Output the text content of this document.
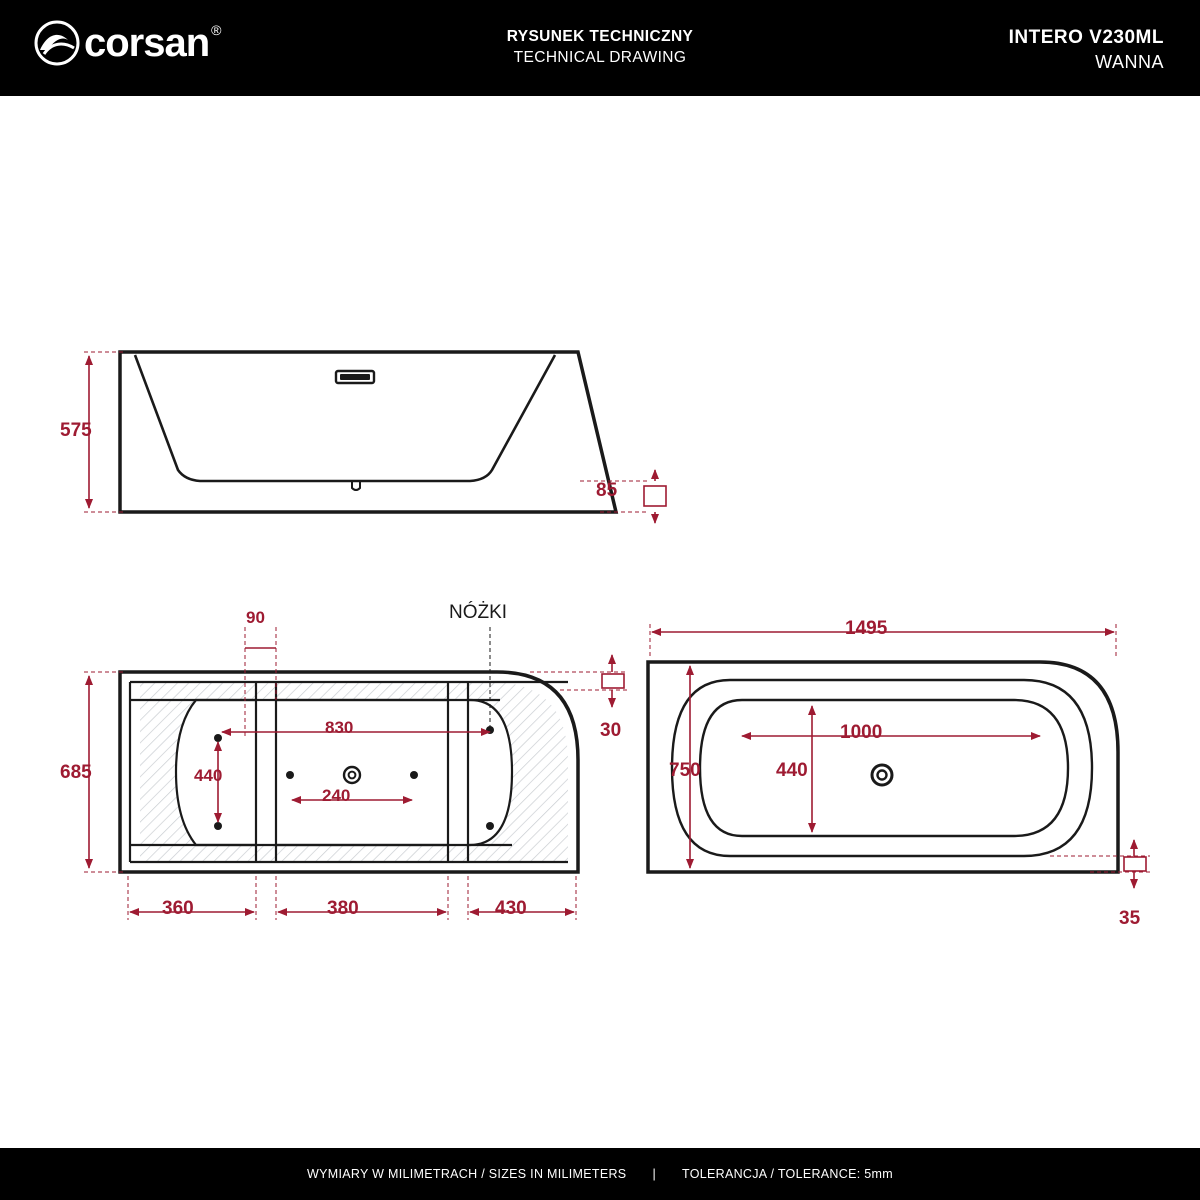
corsan ®	RYSUNEK TECHNICZNY
TECHNICAL DRAWING
INTERO V230ML
WANNA
575
85
NÓŻKI
90
830
440
240
685
30
360	380	430
1495
1000
750	440
35
WYMIARY W MILIMETRACH / SIZES IN MILIMETERS | TOLERANCJA / TOLERANCE: 5mm
